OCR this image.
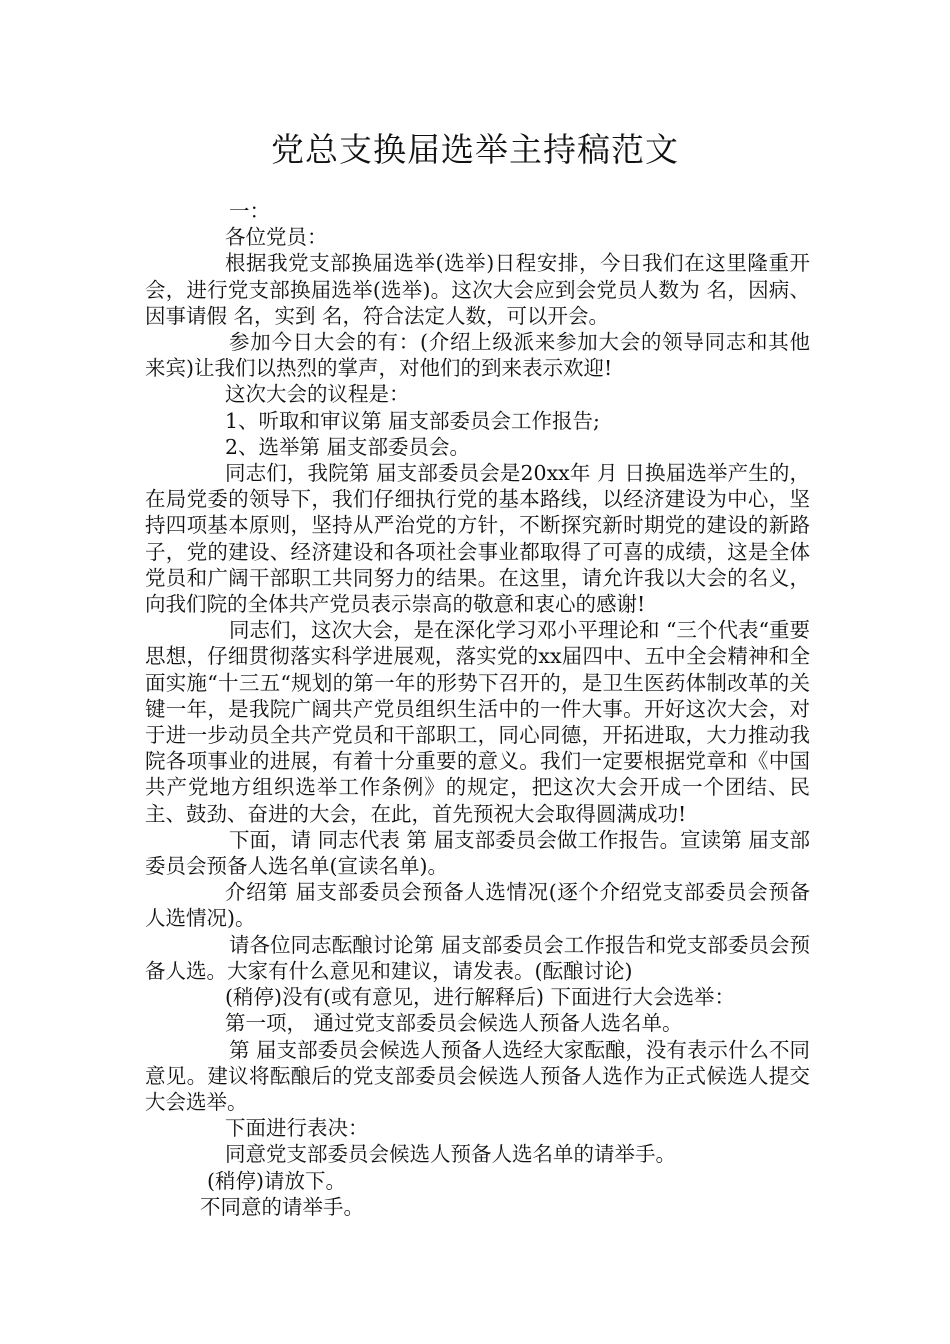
党总支换届选举主持稿范文

一：

各位党员：

根据我党支部换届选举(选举)日程安排，今日我们在这里隆重开会，进行党支部换届选举(选举)。这次大会应到会党员人数为 名，因病、因事请假 名，实到 名，符合法定人数，可以开会。

参加今日大会的有：(介绍上级派来参加大会的领导同志和其他来宾)让我们以热烈的掌声，对他们的到来表示欢迎!

这次大会的议程是：

1、听取和审议第 届支部委员会工作报告;

2、选举第 届支部委员会。

同志们，我院第 届支部委员会是20xx年 月 日换届选举产生的，在局党委的领导下，我们仔细执行党的基本路线，以经济建设为中心，坚持四项基本原则，坚持从严治党的方针，不断探究新时期党的建设的新路子，党的建设、经济建设和各项社会事业都取得了可喜的成绩，这是全体党员和广阔干部职工共同努力的结果。在这里，请允许我以大会的名义，向我们院的全体共产党员表示崇高的敬意和衷心的感谢!

同志们，这次大会，是在深化学习邓小平理论和 “三个代表“重要思想，仔细贯彻落实科学进展观，落实党的xx届四中、五中全会精神和全面实施“十三五“规划的第一年的形势下召开的，是卫生医药体制改革的关键一年，是我院广阔共产党员组织生活中的一件大事。开好这次大会，对于进一步动员全共产党员和干部职工，同心同德，开拓进取，大力推动我院各项事业的进展，有着十分重要的意义。我们一定要根据党章和《中国共产党地方组织选举工作条例》的规定，把这次大会开成一个团结、民主、鼓劲、奋进的大会，在此，首先预祝大会取得圆满成功!

下面，请 同志代表 第 届支部委员会做工作报告。宣读第 届支部委员会预备人选名单(宣读名单)。

介绍第 届支部委员会预备人选情况(逐个介绍党支部委员会预备人选情况)。

请各位同志酝酿讨论第 届支部委员会工作报告和党支部委员会预备人选。大家有什么意见和建议，请发表。(酝酿讨论)

(稍停)没有(或有意见，进行解释后) 下面进行大会选举：

第一项， 通过党支部委员会候选人预备人选名单。

第 届支部委员会候选人预备人选经大家酝酿，没有表示什么不同意见。建议将酝酿后的党支部委员会候选人预备人选作为正式候选人提交大会选举。

下面进行表决：

同意党支部委员会候选人预备人选名单的请举手。

(稍停)请放下。

不同意的请举手。
